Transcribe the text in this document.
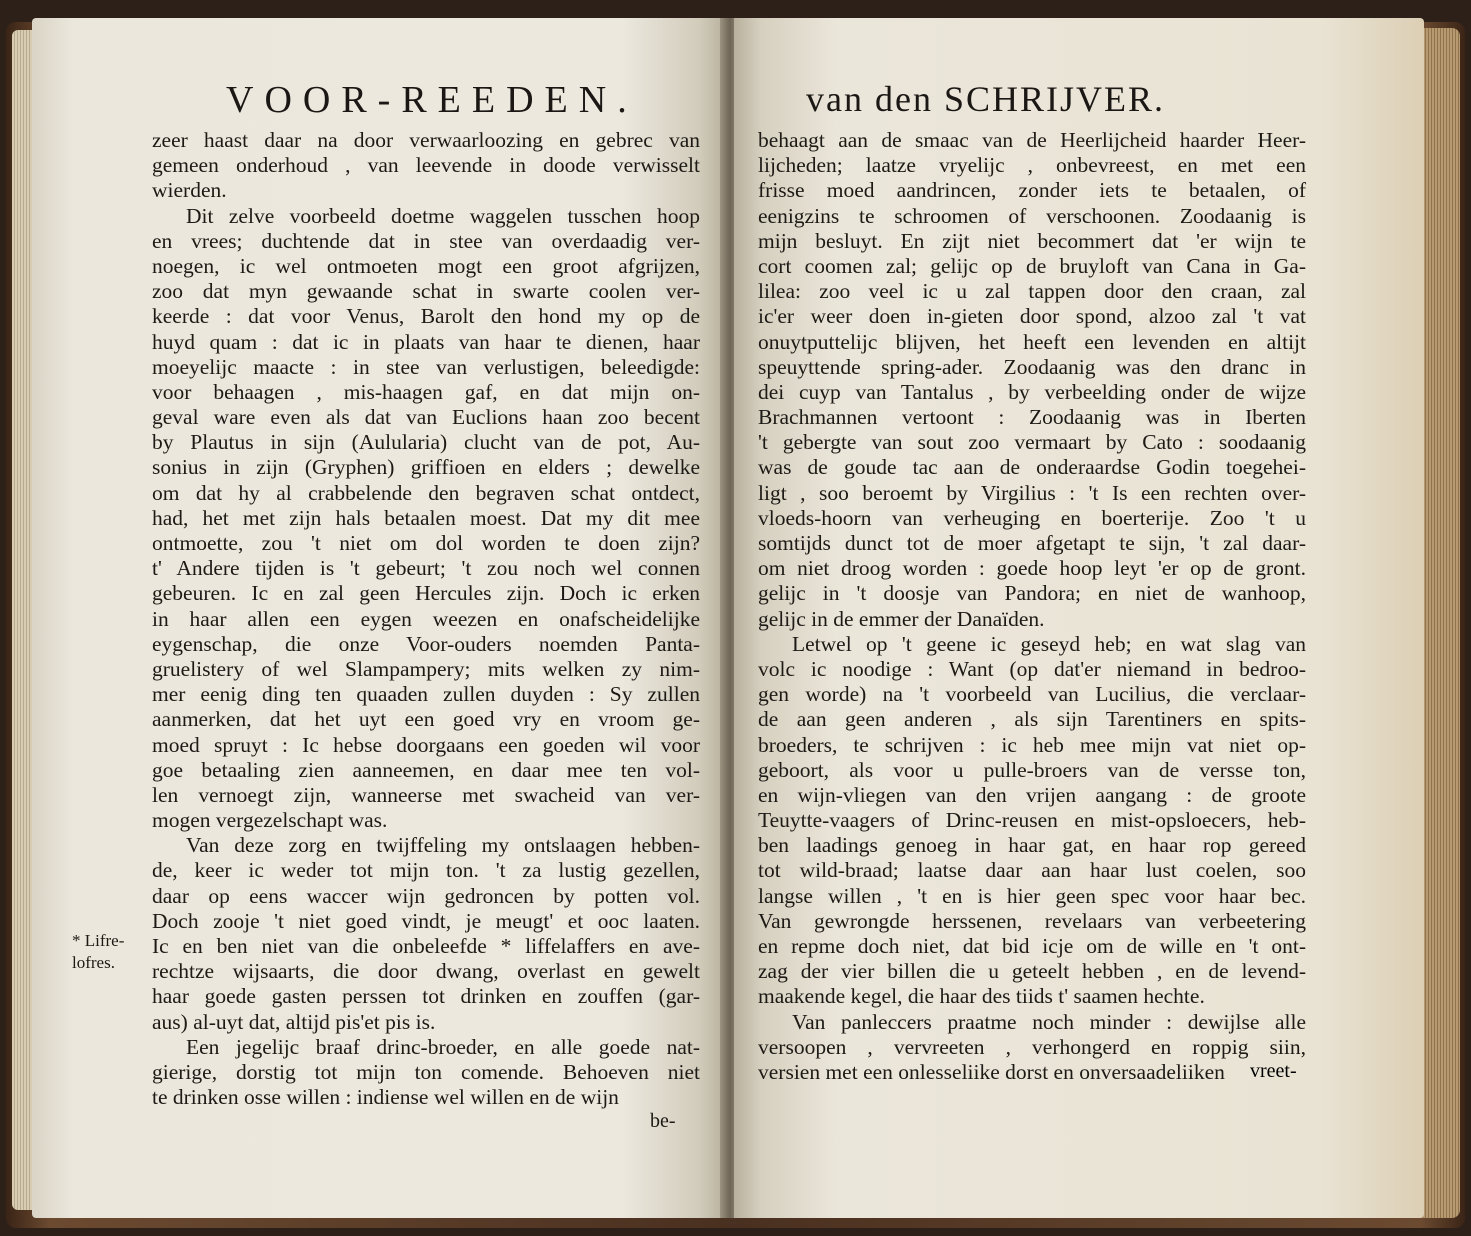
VOOR-REEDEN.
zeer haast daar na door verwaarloozing en gebrec van
gemeen onderhoud , van leevende in doode verwisselt
wierden.
Dit zelve voorbeeld doetme waggelen tusschen hoop
en vrees; duchtende dat in stee van overdaadig ver-
noegen, ic wel ontmoeten mogt een groot afgrijzen,
zoo dat myn gewaande schat in swarte coolen ver-
keerde : dat voor Venus, Barolt den hond my op de
huyd quam : dat ic in plaats van haar te dienen, haar
moeyelijc maacte : in stee van verlustigen, beleedigde:
voor behaagen , mis-haagen gaf, en dat mijn on-
geval ware even als dat van Euclions haan zoo becent
by Plautus in sijn (Aulularia) clucht van de pot, Au-
sonius in zijn (Gryphen) griffioen en elders ; dewelke
om dat hy al crabbelende den begraven schat ontdect,
had, het met zijn hals betaalen moest. Dat my dit mee
ontmoette, zou 't niet om dol worden te doen zijn?
t' Andere tijden is 't gebeurt; 't zou noch wel connen
gebeuren. Ic en zal geen Hercules zijn. Doch ic erken
in haar allen een eygen weezen en onafscheidelijke
eygenschap, die onze Voor-ouders noemden Panta-
gruelistery of wel Slampampery; mits welken zy nim-
mer eenig ding ten quaaden zullen duyden : Sy zullen
aanmerken, dat het uyt een goed vry en vroom ge-
moed spruyt : Ic hebse doorgaans een goeden wil voor
goe betaaling zien aanneemen, en daar mee ten vol-
len vernoegt zijn, wanneerse met swacheid van ver-
mogen vergezelschapt was.
Van deze zorg en twijffeling my ontslaagen hebben-
de, keer ic weder tot mijn ton. 't za lustig gezellen,
daar op eens waccer wijn gedroncen by potten vol.
Doch zooje 't niet goed vindt, je meugt' et ooc laaten.
Ic en ben niet van die onbeleefde * liffelaffers en ave-
rechtze wijsaarts, die door dwang, overlast en gewelt
haar goede gasten perssen tot drinken en zouffen (gar-
aus) al-uyt dat, altijd pis'et pis is.
Een jegelijc braaf drinc-broeder, en alle goede nat-
gierige, dorstig tot mijn ton comende. Behoeven niet
te drinken osse willen : indiense wel willen en de wijn
* Lifre-
lofres.
be-
van den SCHRIJVER.
behaagt aan de smaac van de Heerlijcheid haarder Heer-
lijcheden; laatze vryelijc , onbevreest, en met een
frisse moed aandrincen, zonder iets te betaalen, of
eenigzins te schroomen of verschoonen. Zoodaanig is
mijn besluyt. En zijt niet becommert dat 'er wijn te
cort coomen zal; gelijc op de bruyloft van Cana in Ga-
lilea: zoo veel ic u zal tappen door den craan, zal
ic'er weer doen in-gieten door spond, alzoo zal 't vat
onuytputtelijc blijven, het heeft een levenden en altijt
speuyttende spring-ader. Zoodaanig was den dranc in
dei cuyp van Tantalus , by verbeelding onder de wijze
Brachmannen vertoont : Zoodaanig was in Iberten
't gebergte van sout zoo vermaart by Cato : soodaanig
was de goude tac aan de onderaardse Godin toegehei-
ligt , soo beroemt by Virgilius : 't Is een rechten over-
vloeds-hoorn van verheuging en boerterije. Zoo 't u
somtijds dunct tot de moer afgetapt te sijn, 't zal daar-
om niet droog worden : goede hoop leyt 'er op de gront.
gelijc in 't doosje van Pandora; en niet de wanhoop,
gelijc in de emmer der Danaïden.
Letwel op 't geene ic geseyd heb; en wat slag van
volc ic noodige : Want (op dat'er niemand in bedroo-
gen worde) na 't voorbeeld van Lucilius, die verclaar-
de aan geen anderen , als sijn Tarentiners en spits-
broeders, te schrijven : ic heb mee mijn vat niet op-
geboort, als voor u pulle-broers van de versse ton,
en wijn-vliegen van den vrijen aangang : de groote
Teuytte-vaagers of Drinc-reusen en mist-opsloecers, heb-
ben laadings genoeg in haar gat, en haar rop gereed
tot wild-braad; laatse daar aan haar lust coelen, soo
langse willen , 't en is hier geen spec voor haar bec.
Van gewrongde herssenen, revelaars van verbeetering
en repme doch niet, dat bid icje om de wille en 't ont-
zag der vier billen die u geteelt hebben , en de levend-
maakende kegel, die haar des tiids t' saamen hechte.
Van panleccers praatme noch minder : dewijlse alle
versoopen , vervreeten , verhongerd en roppig siin,
versien met een onlesseliike dorst en onversaadeliiken	vreet-
